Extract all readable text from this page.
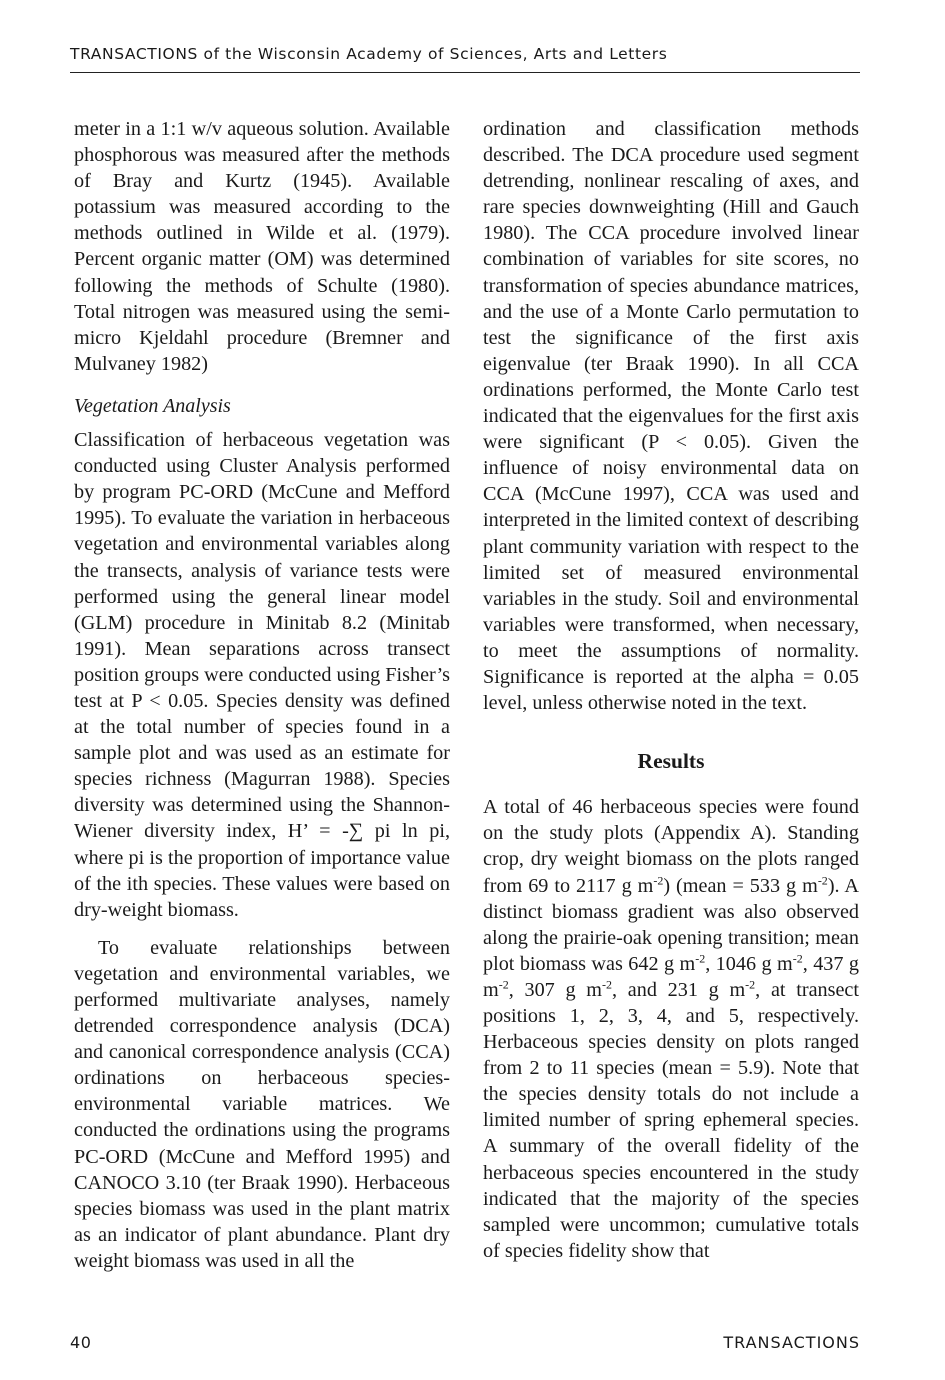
TRANSACTIONS of the Wisconsin Academy of Sciences, Arts and Letters

meter in a 1:1 w/v aqueous solution. Available phosphorous was measured after the methods of Bray and Kurtz (1945). Available potassium was measured according to the methods outlined in Wilde et al. (1979). Percent organic matter (OM) was determined following the methods of Schulte (1980). Total nitrogen was measured using the semi-micro Kjeldahl procedure (Bremner and Mulvaney 1982)

Vegetation Analysis

Classification of herbaceous vegetation was conducted using Cluster Analysis performed by program PC-ORD (McCune and Mefford 1995). To evaluate the variation in herbaceous vegetation and environmental variables along the transects, analysis of variance tests were performed using the general linear model (GLM) procedure in Minitab 8.2 (Minitab 1991). Mean separations across transect position groups were conducted using Fisher’s test at P < 0.05. Species density was defined at the total number of species found in a sample plot and was used as an estimate for species richness (Magurran 1988). Species diversity was determined using the Shannon-Wiener diversity index, H’ = -∑ pi ln pi, where pi is the proportion of importance value of the ith species. These values were based on dry-weight biomass.

To evaluate relationships between vegetation and environmental variables, we performed multivariate analyses, namely detrended correspondence analysis (DCA) and canonical correspondence analysis (CCA) ordinations on herbaceous species-environmental variable matrices. We conducted the ordinations using the programs PC-ORD (McCune and Mefford 1995) and CANOCO 3.10 (ter Braak 1990). Herbaceous species biomass was used in the plant matrix as an indicator of plant abundance. Plant dry weight biomass was used in all the

ordination and classification methods described. The DCA procedure used segment detrending, nonlinear rescaling of axes, and rare species downweighting (Hill and Gauch 1980). The CCA procedure involved linear combination of variables for site scores, no transformation of species abundance matrices, and the use of a Monte Carlo permutation to test the significance of the first axis eigenvalue (ter Braak 1990). In all CCA ordinations performed, the Monte Carlo test indicated that the eigenvalues for the first axis were significant (P < 0.05). Given the influence of noisy environmental data on CCA (McCune 1997), CCA was used and interpreted in the limited context of describing plant community variation with respect to the limited set of measured environmental variables in the study. Soil and environmental variables were transformed, when necessary, to meet the assumptions of normality. Significance is reported at the alpha = 0.05 level, unless otherwise noted in the text.

Results

A total of 46 herbaceous species were found on the study plots (Appendix A). Standing crop, dry weight biomass on the plots ranged from 69 to 2117 g $m^{-2}$) (mean = 533 g $m^{-2}$). A distinct biomass gradient was also observed along the prairie-oak opening transition; mean plot biomass was 642 g $m^{-2}$, 1046 g $m^{-2}$, 437 g $m^{-2}$, 307 g $m^{-2}$, and 231 g $m^{-2}$, at transect positions 1, 2, 3, 4, and 5, respectively. Herbaceous species density on plots ranged from 2 to 11 species (mean = 5.9). Note that the species density totals do not include a limited number of spring ephemeral species. A summary of the overall fidelity of the herbaceous species encountered in the study indicated that the majority of the species sampled were uncommon; cumulative totals of species fidelity show that

40	TRANSACTIONS
